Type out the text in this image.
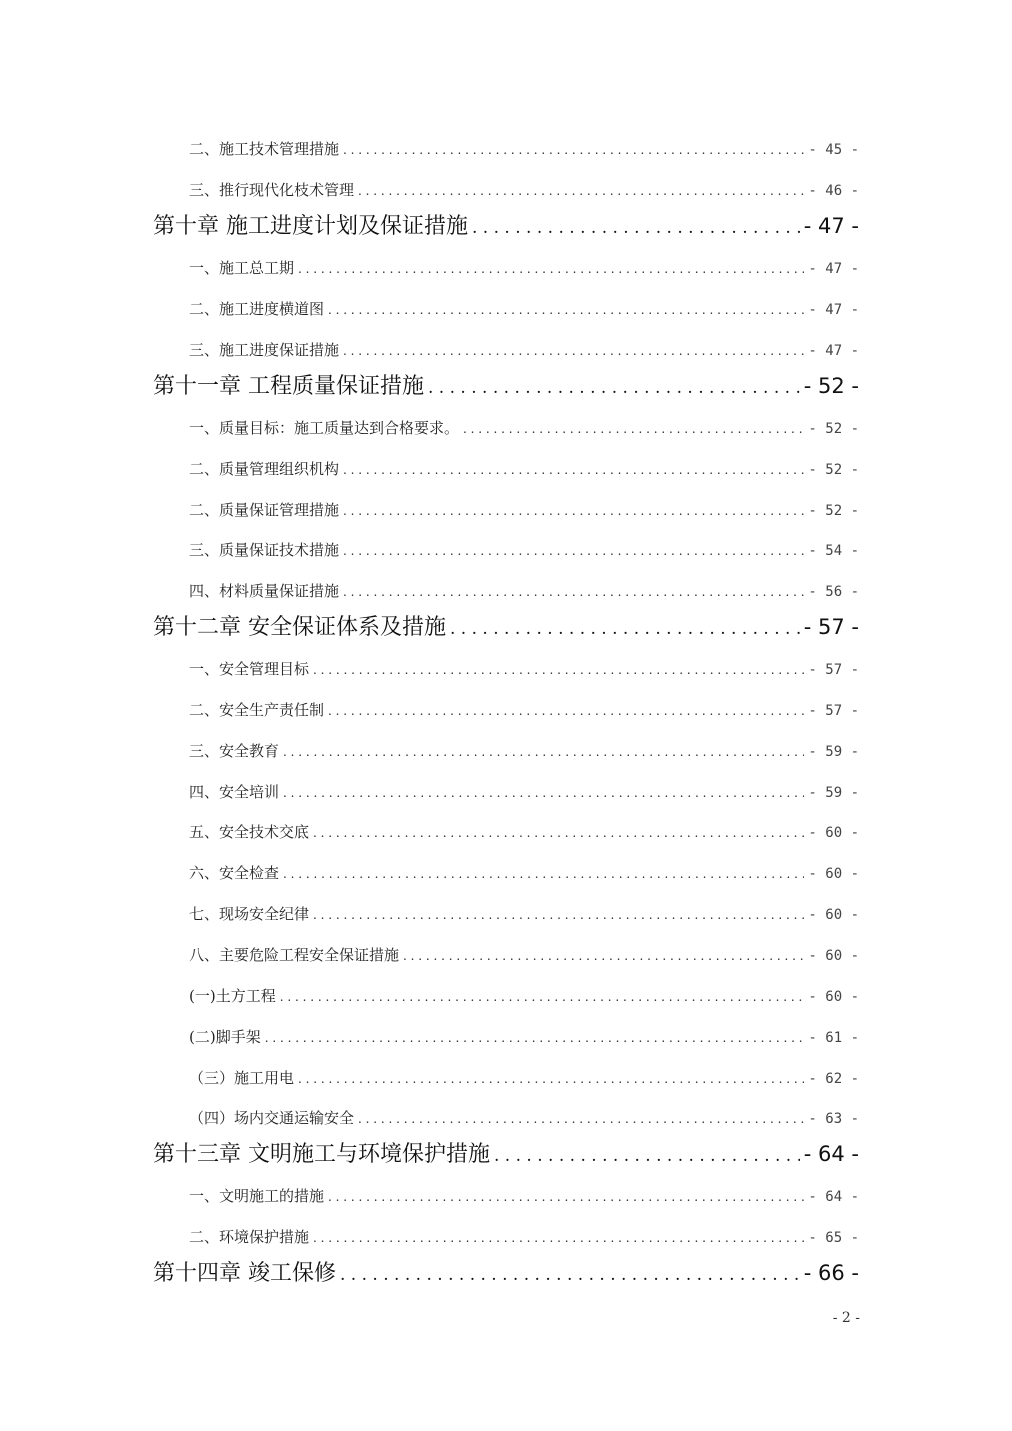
二、施工技术管理措施 . . .	- 45 -
三、推行现代化枝术管理 . . .	- 46 -
第十章 施工进度计划及保证措施 . . .	- 47 -
一、施工总工期 . . .	- 47 -
二、施工进度横道图 . . .	- 47 -
三、施工进度保证措施 . . .	- 47 -
第十一章 工程质量保证措施 . . .	- 52 -
一、质量目标：施工质量达到合格要求。 . . .	- 52 -
二、质量管理组织机构 . . .	- 52 -
二、质量保证管理措施 . . .	- 52 -
三、质量保证技术措施 . . .	- 54 -
四、材料质量保证措施 . . .	- 56 -
第十二章 安全保证体系及措施 . . .	- 57 -
一、安全管理目标 . . .	- 57 -
二、安全生产责任制 . . .	- 57 -
三、安全教育 . . .	- 59 -
四、安全培训 . . .	- 59 -
五、安全技术交底 . . .	- 60 -
六、安全检查 . . .	- 60 -
七、现场安全纪律 . . .	- 60 -
八、主要危险工程安全保证措施 . . .	- 60 -
(一)土方工程 . . .	- 60 -
(二)脚手架 . . .	- 61 -
（三）施工用电 . . .	- 62 -
（四）场内交通运输安全 . . .	- 63 -
第十三章 文明施工与环境保护措施 . . .	- 64 -
一、文明施工的措施 . . .	- 64 -
二、环境保护措施 . . .	- 65 -
第十四章 竣工保修 . . .	- 66 -
- 2 -
